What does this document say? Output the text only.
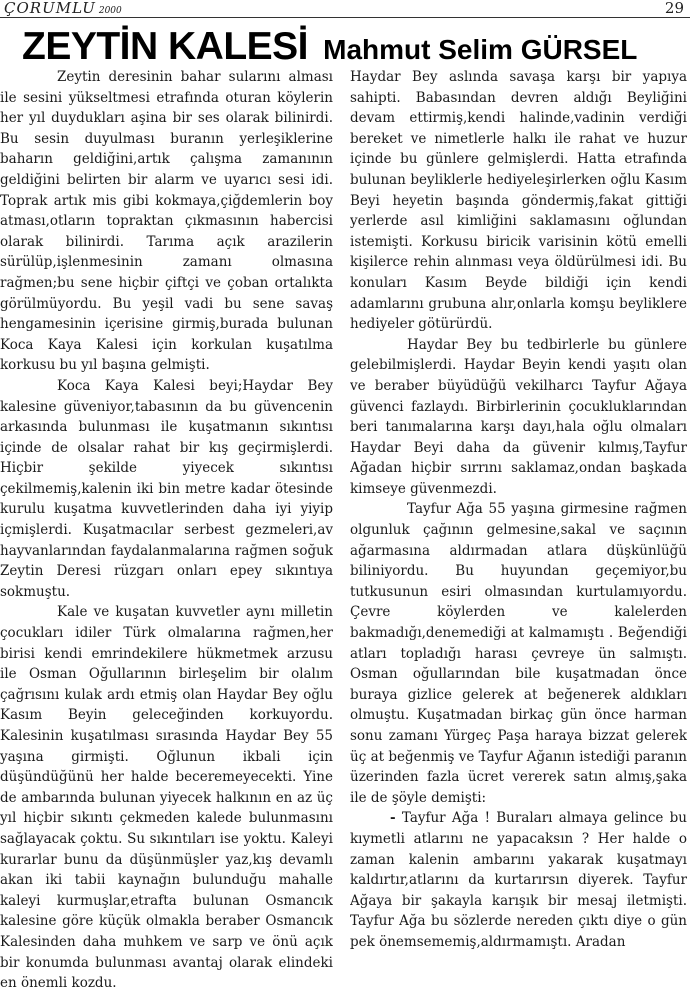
ÇORUMLU 2000	29
ZEYTİN KALESİ Mahmut Selim GÜRSEL

Zeytin deresinin bahar sularını alması ile sesini yükseltmesi etrafında oturan köylerin her yıl duydukları aşina bir ses olarak bilinirdi. Bu sesin duyulması buranın yerleşiklerine baharın geldiğini,artık çalışma zamanının geldiğini belirten bir alarm ve uyarıcı sesi idi. Toprak artık mis gibi kokmaya,çiğdemlerin boy atması,otların topraktan çıkmasının habercisi olarak bilinirdi. Tarıma açık arazilerin sürülüp,işlenmesinin zamanı olmasına rağmen;bu sene hiçbir çiftçi ve çoban ortalıkta görülmüyordu. Bu yeşil vadi bu sene savaş hengamesinin içerisine girmiş,burada bulunan Koca Kaya Kalesi için korkulan kuşatılma korkusu bu yıl başına gelmişti.

Koca Kaya Kalesi beyi;Haydar Bey kalesine güveniyor,tabasının da bu güvencenin arkasında bulunması ile kuşatmanın sıkıntısı içinde de olsalar rahat bir kış geçirmişlerdi. Hiçbir şekilde yiyecek sıkıntısı çekilmemiş,kalenin iki bin metre kadar ötesinde kurulu kuşatma kuvvetlerinden daha iyi yiyip içmişlerdi. Kuşatmacılar serbest gezmeleri,av hayvanlarından faydalanmalarına rağmen soğuk Zeytin Deresi rüzgarı onları epey sıkıntıya sokmuştu.

Kale ve kuşatan kuvvetler aynı milletin çocukları idiler Türk olmalarına rağmen,her birisi kendi emrindekilere hükmetmek arzusu ile Osman Oğullarının birleşelim bir olalım çağrısını kulak ardı etmiş olan Haydar Bey oğlu Kasım Beyin geleceğinden korkuyordu. Kalesinin kuşatılması sırasında Haydar Bey 55 yaşına girmişti. Oğlunun ikbali için düşündüğünü her halde beceremeyecekti. Yine de ambarında bulunan yiyecek halkının en az üç yıl hiçbir sıkıntı çekmeden kalede bulunmasını sağlayacak çoktu. Su sıkıntıları ise yoktu. Kaleyi kurarlar bunu da düşünmüşler yaz,kış devamlı akan iki tabii kaynağın bulunduğu mahalle kaleyi kurmuşlar,etrafta bulunan Osmancık kalesine göre küçük olmakla beraber Osmancık Kalesinden daha muhkem ve sarp ve önü açık bir konumda bulunması avantaj olarak elindeki en önemli kozdu.

Haydar Bey aslında savaşa karşı bir yapıya sahipti. Babasından devren aldığı Beyliğini devam ettirmiş,kendi halinde,vadinin verdiği bereket ve nimetlerle halkı ile rahat ve huzur içinde bu günlere gelmişlerdi. Hatta etrafında bulunan beyliklerle hediyeleşirlerken oğlu Kasım Beyi heyetin başında göndermiş,fakat gittiği yerlerde asıl kimliğini saklamasını oğlundan istemişti. Korkusu biricik varisinin kötü emelli kişilerce rehin alınması veya öldürülmesi idi. Bu konuları Kasım Beyde bildiği için kendi adamlarını grubuna alır,onlarla komşu beyliklere hediyeler götürürdü.

Haydar Bey bu tedbirlerle bu günlere gelebilmişlerdi. Haydar Beyin kendi yaşıtı olan ve beraber büyüdüğü vekilharcı Tayfur Ağaya güvenci fazlaydı. Birbirlerinin çocukluklarından beri tanımalarına karşı dayı,hala oğlu olmaları Haydar Beyi daha da güvenir kılmış,Tayfur Ağadan hiçbir sırrını saklamaz,ondan başkada kimseye güvenmezdi.

Tayfur Ağa 55 yaşına girmesine rağmen olgunluk çağının gelmesine,sakal ve saçının ağarmasına aldırmadan atlara düşkünlüğü biliniyordu. Bu huyundan geçemiyor,bu tutkusunun esiri olmasından kurtulamıyordu. Çevre köylerden ve kalelerden bakmadığı,denemediği at kalmamıştı . Beğendiği atları topladığı harası çevreye ün salmıştı. Osman oğullarından bile kuşatmadan önce buraya gizlice gelerek at beğenerek aldıkları olmuştu. Kuşatmadan birkaç gün önce harman sonu zamanı Yürgeç Paşa haraya bizzat gelerek üç at beğenmiş ve Tayfur Ağanın istediği paranın üzerinden fazla ücret vererek satın almış,şaka ile de şöyle demişti:

- Tayfur Ağa ! Buraları almaya gelince bu kıymetli atlarını ne yapacaksın ? Her halde o zaman kalenin ambarını yakarak kuşatmayı kaldırtır,atlarını da kurtarırsın diyerek. Tayfur Ağaya bir şakayla karışık bir mesaj iletmişti. Tayfur Ağa bu sözlerde nereden çıktı diye o gün pek önemsememiş,aldırmamıştı. Aradan
